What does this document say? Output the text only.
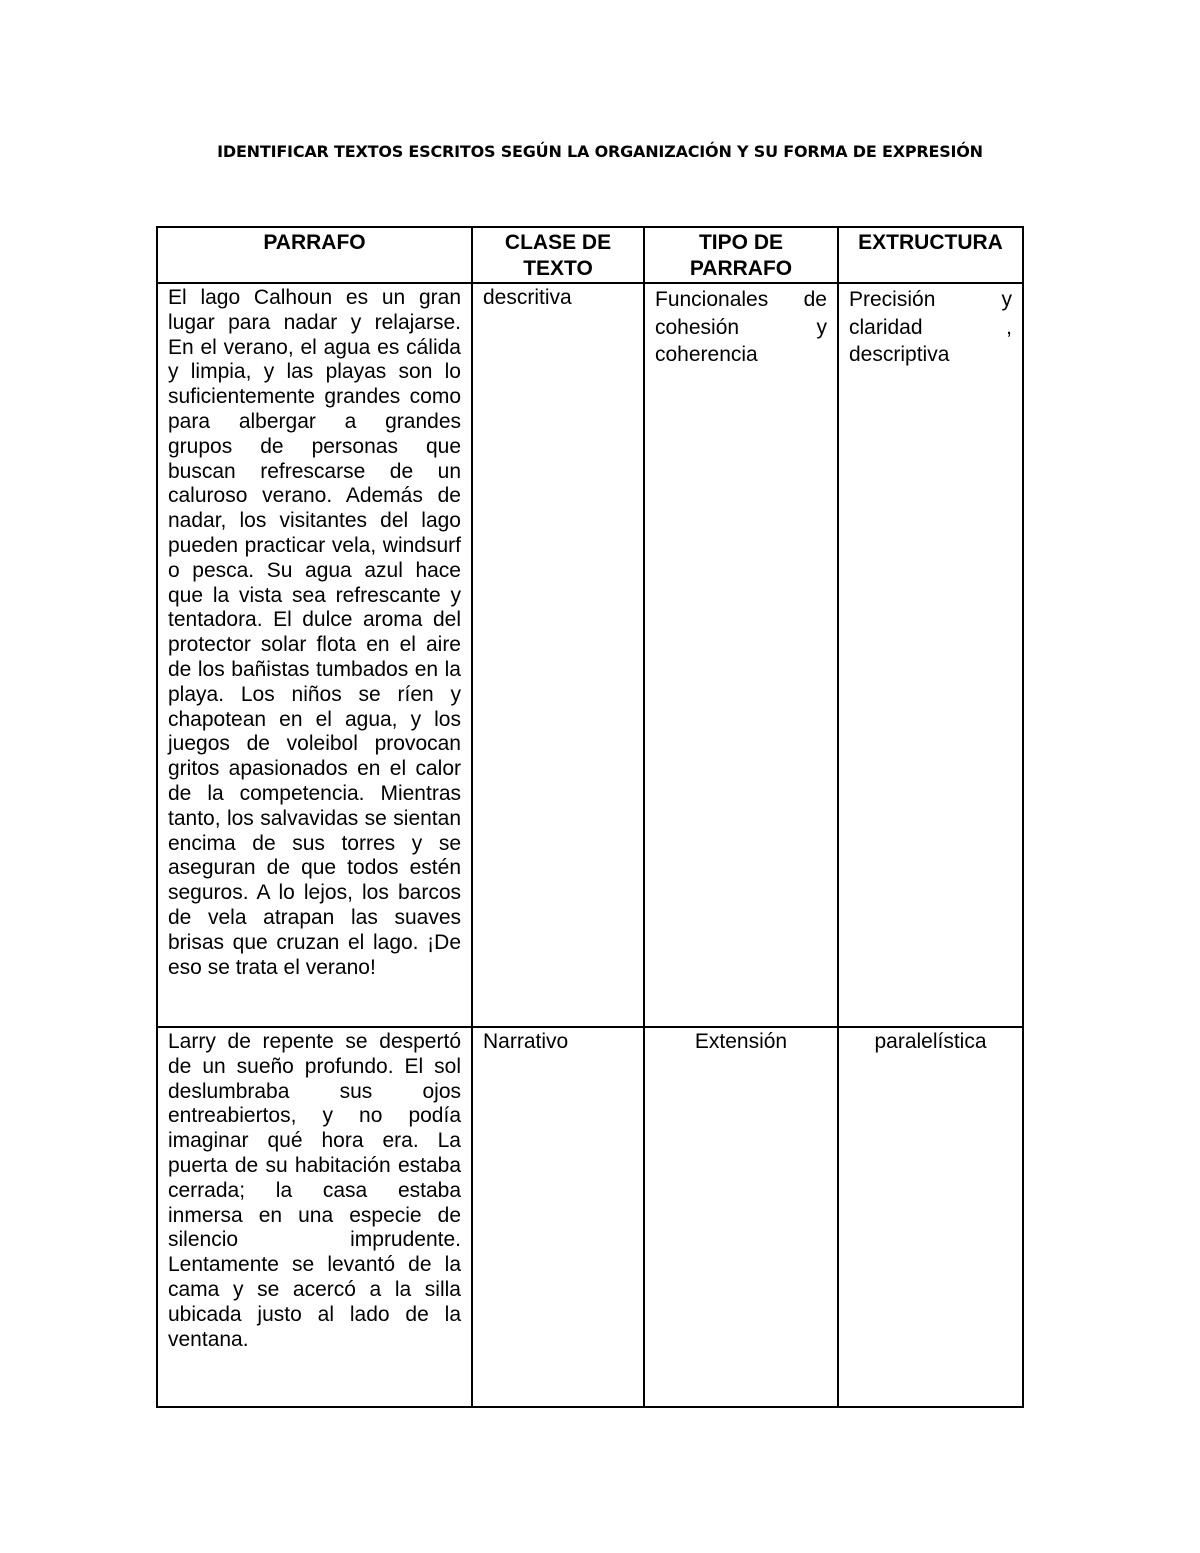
IDENTIFICAR TEXTOS ESCRITOS SEGÚN LA ORGANIZACIÓN Y SU FORMA DE EXPRESIÓN
PARRAFO	CLASE DE TEXTO	TIPO DE PARRAFO	EXTRUCTURA
El lago Calhoun es un gran lugar para nadar y relajarse. En el verano, el agua es cálida y limpia, y las playas son lo suficientemente grandes como para albergar a grandes grupos de personas que buscan refrescarse de un caluroso verano. Además de nadar, los visitantes del lago pueden practicar vela, windsurf o pesca. Su agua azul hace que la vista sea refrescante y tentadora. El dulce aroma del protector solar flota en el aire de los bañistas tumbados en la playa. Los niños se ríen y chapotean en el agua, y los juegos de voleibol provocan gritos apasionados en el calor de la competencia. Mientras tanto, los salvavidas se sientan encima de sus torres y se aseguran de que todos estén seguros. A lo lejos, los barcos de vela atrapan las suaves brisas que cruzan el lago. ¡De eso se trata el verano!	descritiva	Funcionales de cohesión y coherencia	Precisión y claridad , descriptiva
Larry de repente se despertó de un sueño profundo. El sol deslumbraba sus ojos entreabiertos, y no podía imaginar qué hora era. La puerta de su habitación estaba cerrada; la casa estaba inmersa en una especie de silencio imprudente. Lentamente se levantó de la cama y se acercó a la silla ubicada justo al lado de la ventana.	Narrativo	Extensión	paralelística
